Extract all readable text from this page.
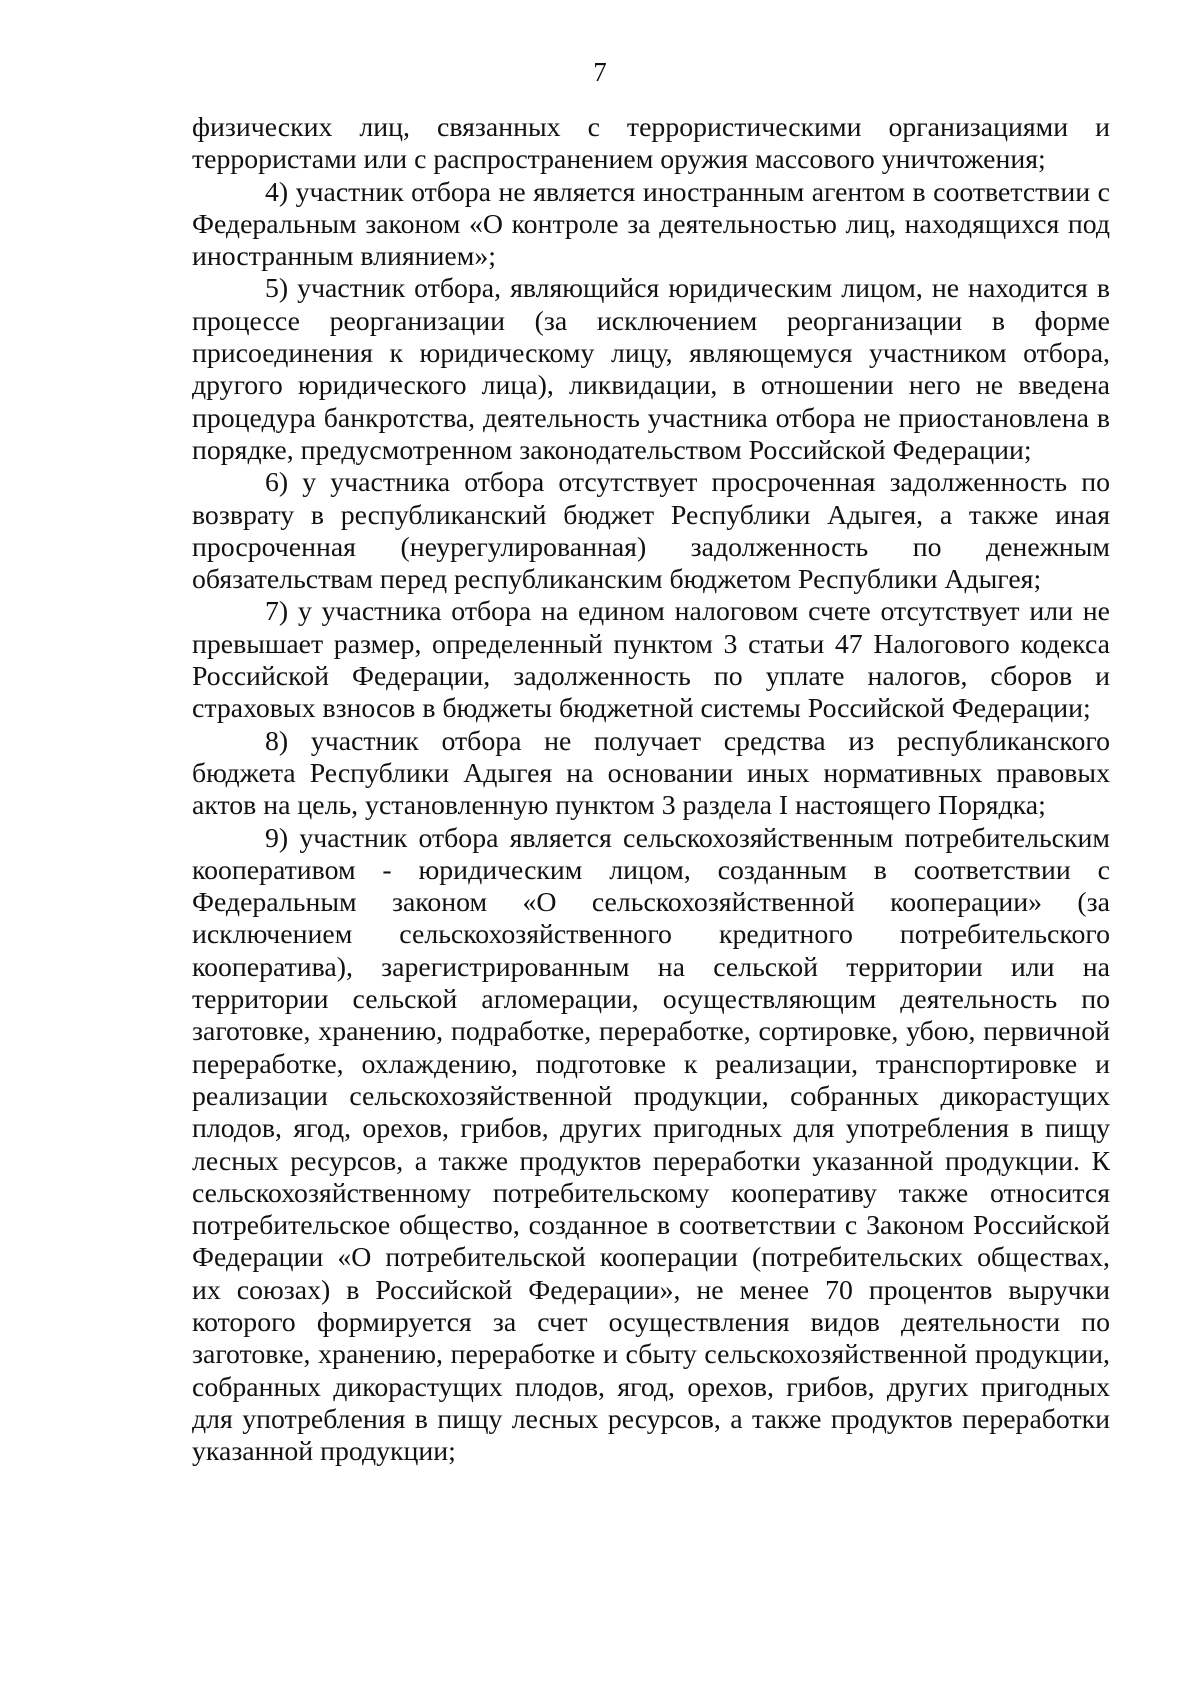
7

физических лиц, связанных с террористическими организациями и террористами или с распространением оружия массового уничтожения;

4) участник отбора не является иностранным агентом в соответствии с Федеральным законом «О контроле за деятельностью лиц, находящихся под иностранным влиянием»;

5) участник отбора, являющийся юридическим лицом, не находится в процессе реорганизации (за исключением реорганизации в форме присоединения к юридическому лицу, являющемуся участником отбора, другого юридического лица), ликвидации, в отношении него не введена процедура банкротства, деятельность участника отбора не приостановлена в порядке, предусмотренном законодательством Российской Федерации;

6) у участника отбора отсутствует просроченная задолженность по возврату в республиканский бюджет Республики Адыгея, а также иная просроченная (неурегулированная) задолженность по денежным обязательствам перед республиканским бюджетом Республики Адыгея;

7) у участника отбора на едином налоговом счете отсутствует или не превышает размер, определенный пунктом 3 статьи 47 Налогового кодекса Российской Федерации, задолженность по уплате налогов, сборов и страховых взносов в бюджеты бюджетной системы Российской Федерации;

8) участник отбора не получает средства из республиканского бюджета Республики Адыгея на основании иных нормативных правовых актов на цель, установленную пунктом 3 раздела I настоящего Порядка;

9) участник отбора является сельскохозяйственным потребительским кооперативом - юридическим лицом, созданным в соответствии с Федеральным законом «О сельскохозяйственной кооперации» (за исключением сельскохозяйственного кредитного потребительского кооператива), зарегистрированным на сельской территории или на территории сельской агломерации, осуществляющим деятельность по заготовке, хранению, подработке, переработке, сортировке, убою, первичной переработке, охлаждению, подготовке к реализации, транспортировке и реализации сельскохозяйственной продукции, собранных дикорастущих плодов, ягод, орехов, грибов, других пригодных для употребления в пищу лесных ресурсов, а также продуктов переработки указанной продукции. К сельскохозяйственному потребительскому кооперативу также относится потребительское общество, созданное в соответствии с Законом Российской Федерации «О потребительской кооперации (потребительских обществах, их союзах) в Российской Федерации», не менее 70 процентов выручки которого формируется за счет осуществления видов деятельности по заготовке, хранению, переработке и сбыту сельскохозяйственной продукции, собранных дикорастущих плодов, ягод, орехов, грибов, других пригодных для употребления в пищу лесных ресурсов, а также продуктов переработки указанной продукции;
